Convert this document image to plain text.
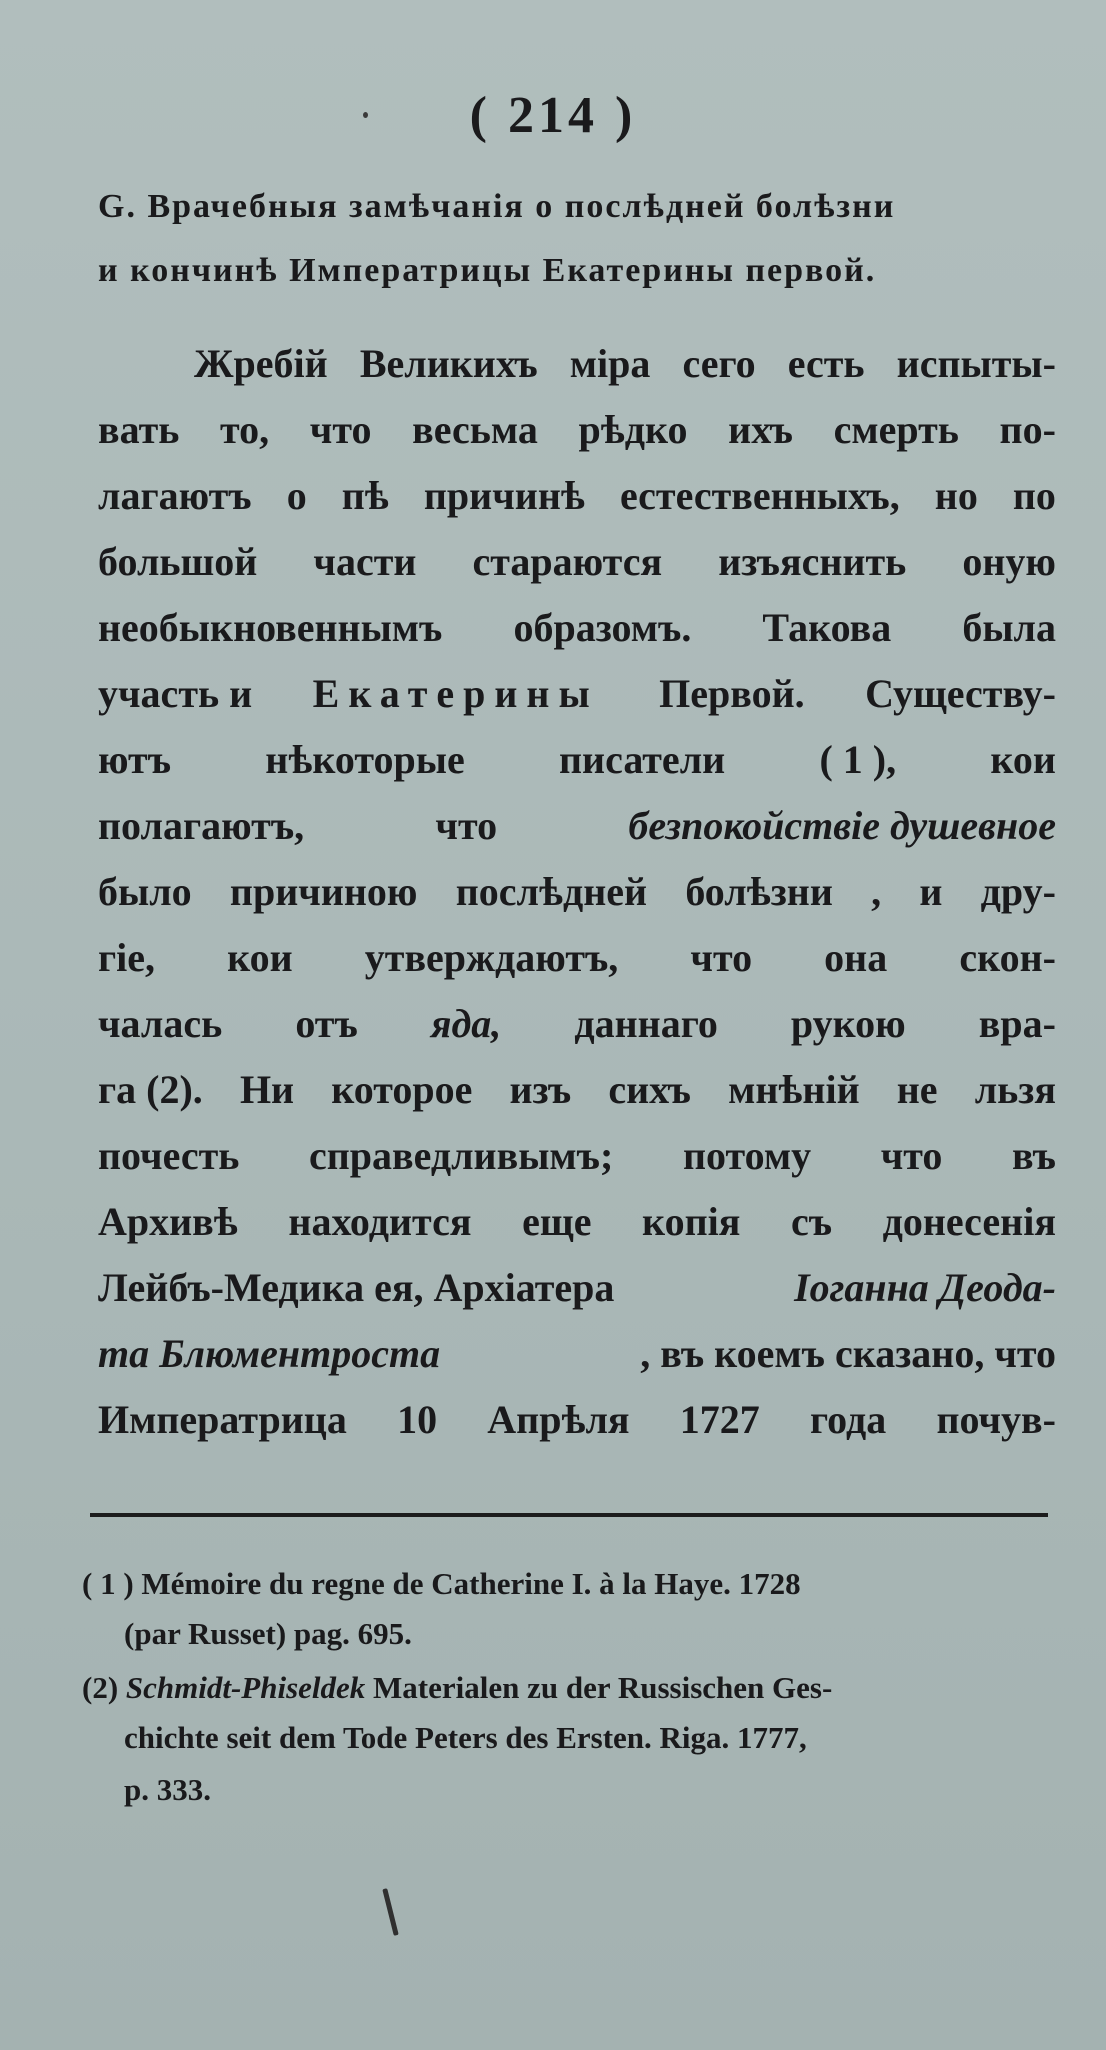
( 214 )
G. Врачебныя замѣчанія о послѣдней болѣзни
и кончинѣ Императрицы Екатерины первой.
Жребій Великихъ міра сего есть испыты-
вать то, что весьма рѣдко ихъ смерть по-
лагаютъ о пѣ причинѣ естественныхъ, но по
большой части стараются изъяснить оную
необыкновеннымъ образомъ. Такова была
участь и Екатерины Первой. Существу-
ютъ нѣкоторые писатели ( 1 ), кои
полагаютъ,	что	безпокойствіе душевное
было причиною послѣдней болѣзни , и дру-
гіе, кои утверждаютъ, что она скон-
чалась отъ яда, даннаго рукою вра-
га (2). Ни которое изъ сихъ мнѣній не льзя
почесть справедливымъ; потому что въ
Архивѣ находится еще копія съ донесенія
Лейбъ-Медика ея, Архіатера	Іоганна Деода-
та Блюментроста	, въ коемъ сказано, что
Императрица 10 Апрѣля 1727 года почув-
( 1 ) Mémoire du regne de Catherine I. à la Haye. 1728
(par Russet) pag. 695.
(2) Schmidt-Phiseldek Materialen zu der Russischen Ges-
chichte seit dem Tode Peters des Ersten. Riga. 1777,
p. 333.
